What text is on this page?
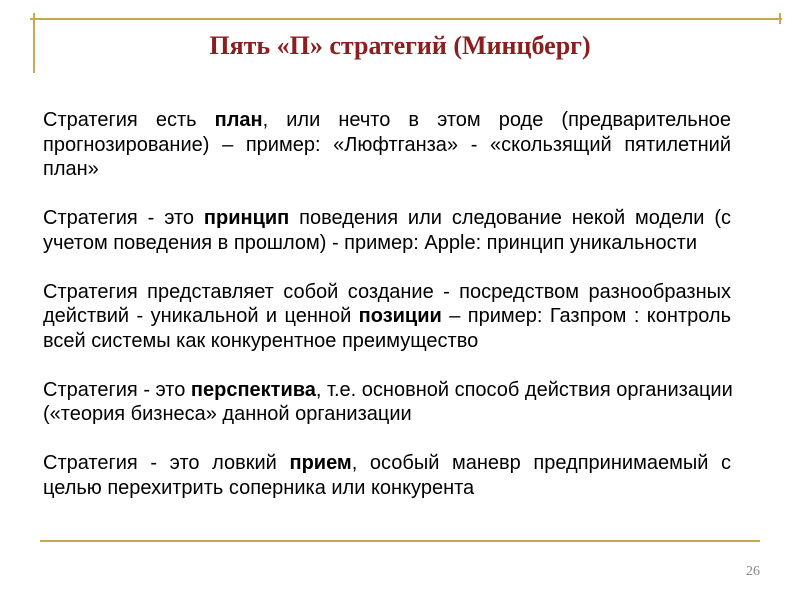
Пять «П» стратегий (Минцберг)
Стратегия есть план, или нечто в этом роде (предварительное
прогнозирование) – пример: «Люфтганза» - «скользящий пятилетний
план»
Стратегия - это принцип поведения или следование некой модели (с
учетом поведения в прошлом) - пример: Apple: принцип уникальности
Стратегия представляет собой создание - посредством разнообразных
действий - уникальной и ценной позиции – пример: Газпром : контроль
всей системы как конкурентное преимущество
Стратегия - это перспектива, т.е. основной способ действия организации
(«теория бизнеса» данной организации
Стратегия - это ловкий прием, особый маневр предпринимаемый с
целью перехитрить соперника или конкурента
26
